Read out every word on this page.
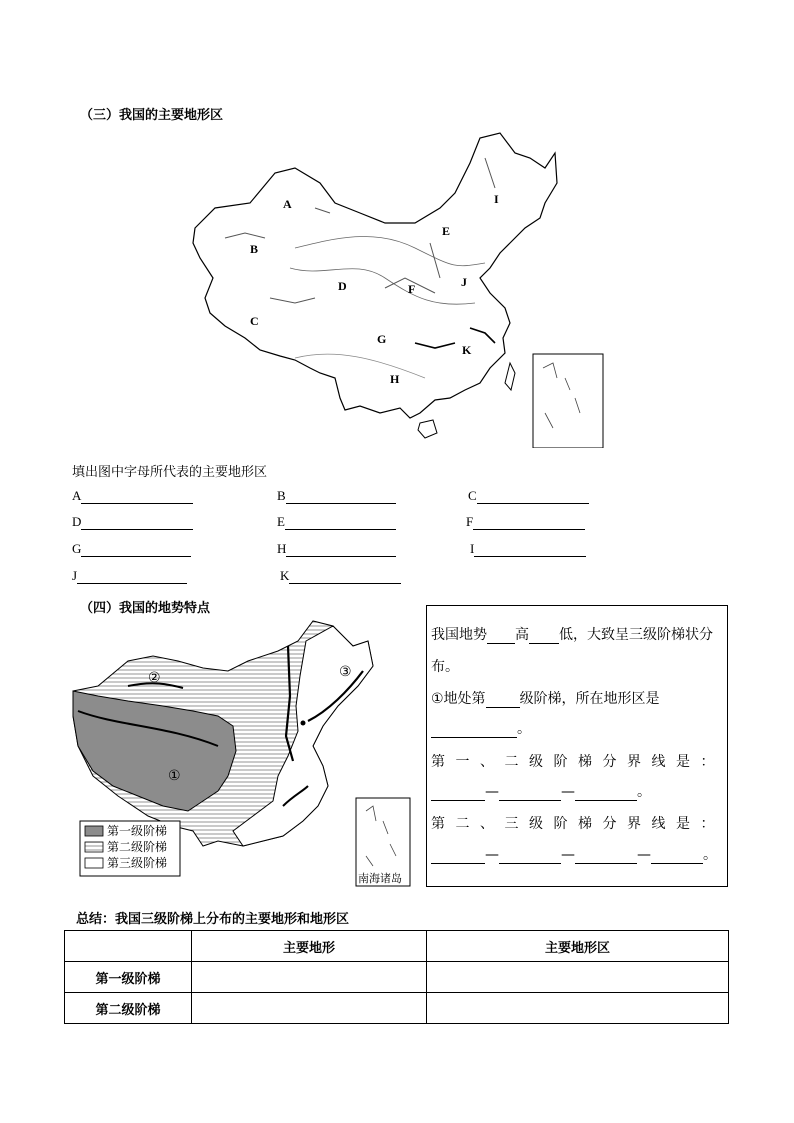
（三）我国的主要地形区
A
B
C
D
E
F
G
H
I
J
K
填出图中字母所代表的主要地形区
A	B	C
D	E	F
G	H	I
J	K
（四）我国的地势特点
①
②	③
第一级阶梯
第二级阶梯
第三级阶梯
南海诸岛
我国地势 高 低，大致呈三级阶梯状分
布。
①地处第 级阶梯，所在地形区是
。
第一、二级阶梯分界线是：
—	—	。
第二、三级阶梯分界线是：
—	—	—	。
总结：我国三级阶梯上分布的主要地形和地形区
	主要地形	主要地形区
第一级阶梯		
第二级阶梯		
